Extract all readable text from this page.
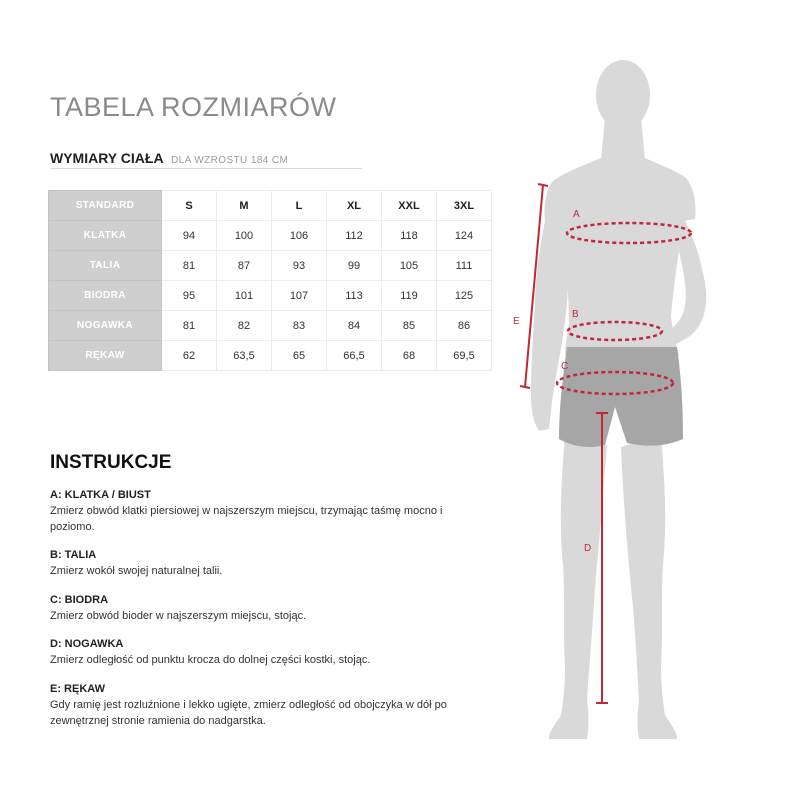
TABELA ROZMIARÓW
WYMIARY CIAŁA DLA WZROSTU 184 CM
STANDARD	S	M	L	XL	XXL	3XL
KLATKA	94	100	106	112	118	124
TALIA	81	87	93	99	105	111
BIODRA	95	101	107	113	119	125
NOGAWKA	81	82	83	84	85	86
RĘKAW	62	63,5	65	66,5	68	69,5
INSTRUKCJE
A: KLATKA / BIUST
Zmierz obwód klatki piersiowej w najszerszym miejscu, trzymając taśmę mocno i poziomo.
B: TALIA
Zmierz wokół swojej naturalnej talii.
C: BIODRA
Zmierz obwód bioder w najszerszym miejscu, stojąc.
D: NOGAWKA
Zmierz odległość od punktu krocza do dolnej części kostki, stojąc.
E: RĘKAW
Gdy ramię jest rozluźnione i lekko ugięte, zmierz odległość od obojczyka w dół po zewnętrznej stronie ramienia do nadgarstka.
A
B
C
D
E
